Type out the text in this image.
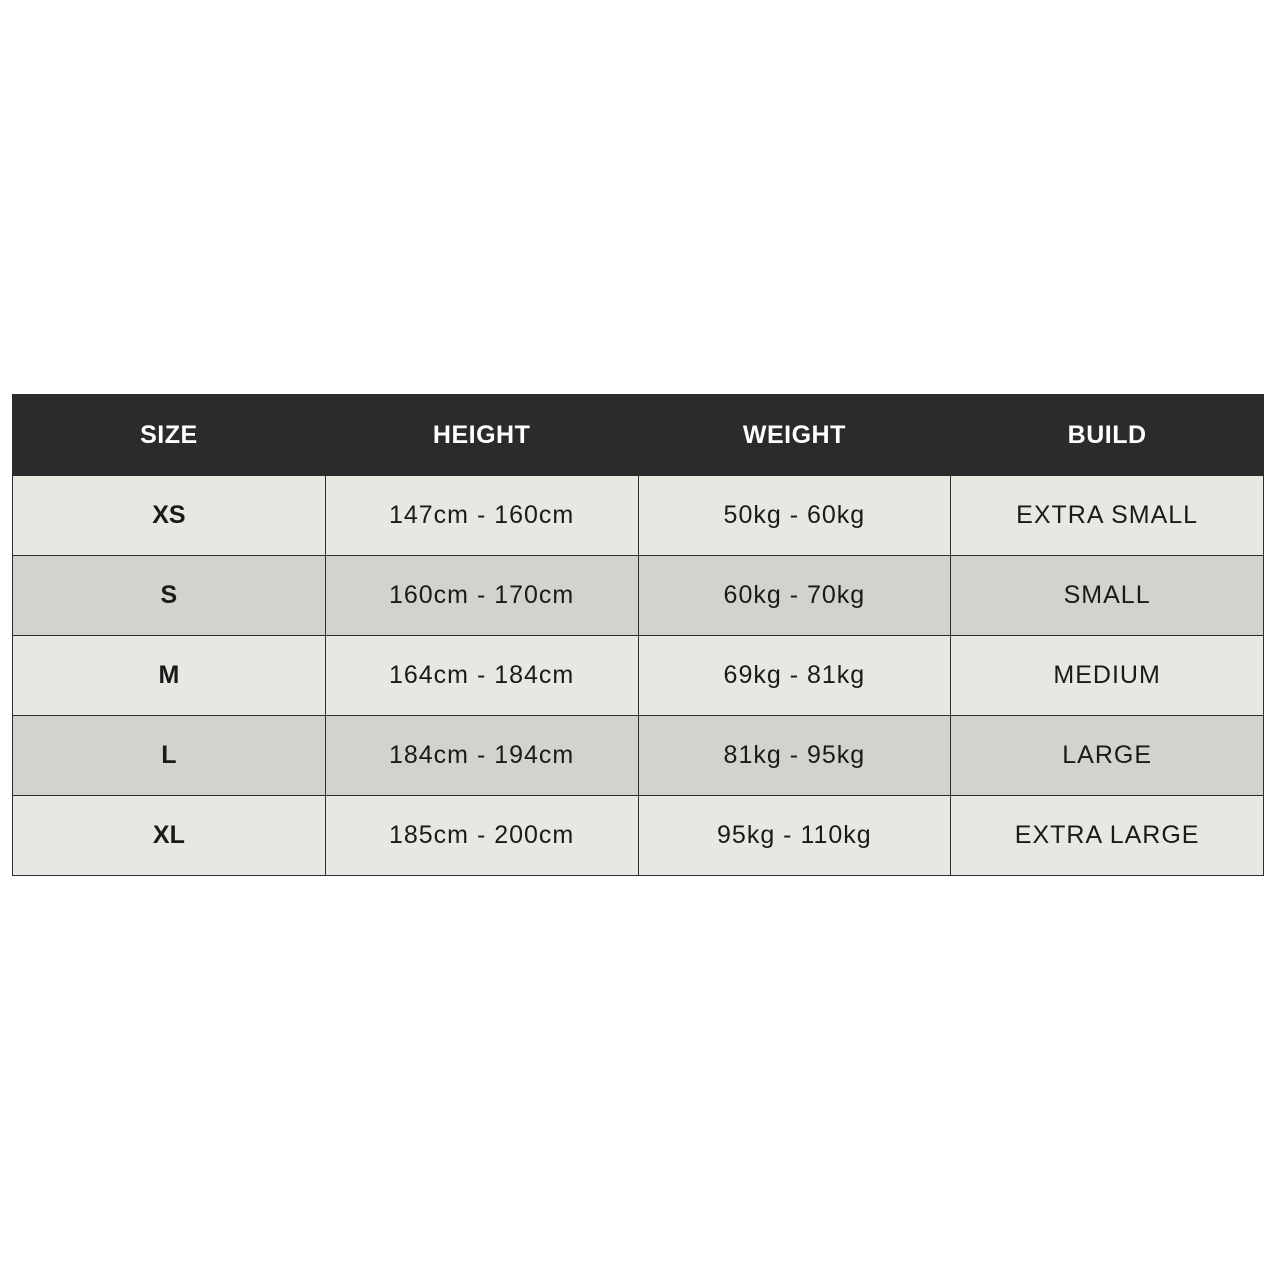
SIZE	HEIGHT	WEIGHT	BUILD
XS	147cm - 160cm	50kg - 60kg	EXTRA SMALL
S	160cm - 170cm	60kg - 70kg	SMALL
M	164cm - 184cm	69kg - 81kg	MEDIUM
L	184cm - 194cm	81kg - 95kg	LARGE
XL	185cm - 200cm	95kg - 110kg	EXTRA LARGE
